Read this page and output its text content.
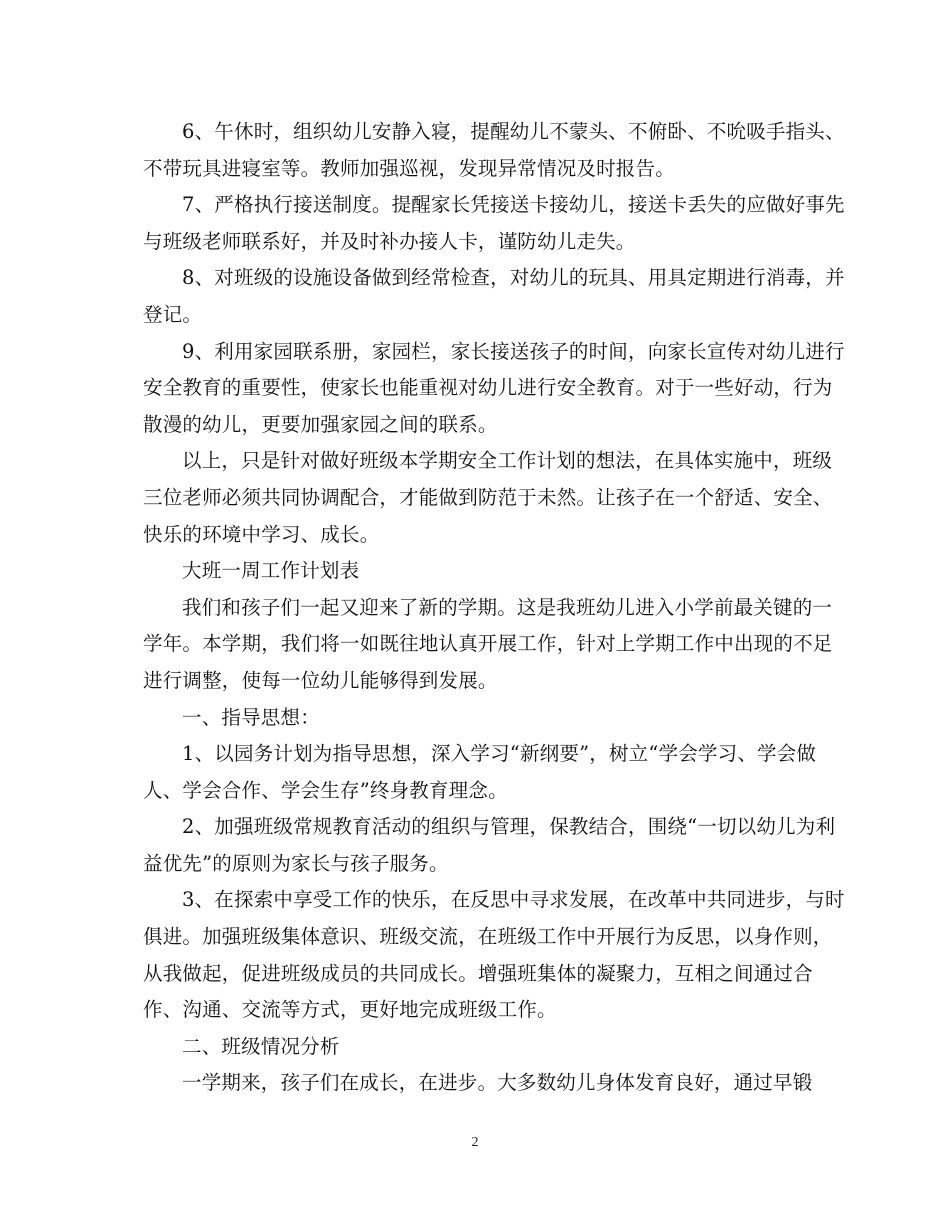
6、午休时，组织幼儿安静入寝，提醒幼儿不蒙头、不俯卧、不吮吸手指头、
不带玩具进寝室等。教师加强巡视，发现异常情况及时报告。

7、严格执行接送制度。提醒家长凭接送卡接幼儿，接送卡丢失的应做好事先
与班级老师联系好，并及时补办接人卡，谨防幼儿走失。

8、对班级的设施设备做到经常检查，对幼儿的玩具、用具定期进行消毒，并
登记。

9、利用家园联系册，家园栏，家长接送孩子的时间，向家长宣传对幼儿进行
安全教育的重要性，使家长也能重视对幼儿进行安全教育。对于一些好动，行为
散漫的幼儿，更要加强家园之间的联系。

以上，只是针对做好班级本学期安全工作计划的想法，在具体实施中，班级
三位老师必须共同协调配合，才能做到防范于未然。让孩子在一个舒适、安全、
快乐的环境中学习、成长。

大班一周工作计划表

我们和孩子们一起又迎来了新的学期。这是我班幼儿进入小学前最关键的一
学年。本学期，我们将一如既往地认真开展工作，针对上学期工作中出现的不足
进行调整，使每一位幼儿能够得到发展。

一、指导思想：

1、以园务计划为指导思想，深入学习“新纲要”，树立“学会学习、学会做
人、学会合作、学会生存”终身教育理念。

2、加强班级常规教育活动的组织与管理，保教结合，围绕“一切以幼儿为利
益优先”的原则为家长与孩子服务。

3、在探索中享受工作的快乐，在反思中寻求发展，在改革中共同进步，与时
俱进。加强班级集体意识、班级交流，在班级工作中开展行为反思，以身作则，
从我做起，促进班级成员的共同成长。增强班集体的凝聚力，互相之间通过合
作、沟通、交流等方式，更好地完成班级工作。

二、班级情况分析

一学期来，孩子们在成长，在进步。大多数幼儿身体发育良好，通过早锻

2
